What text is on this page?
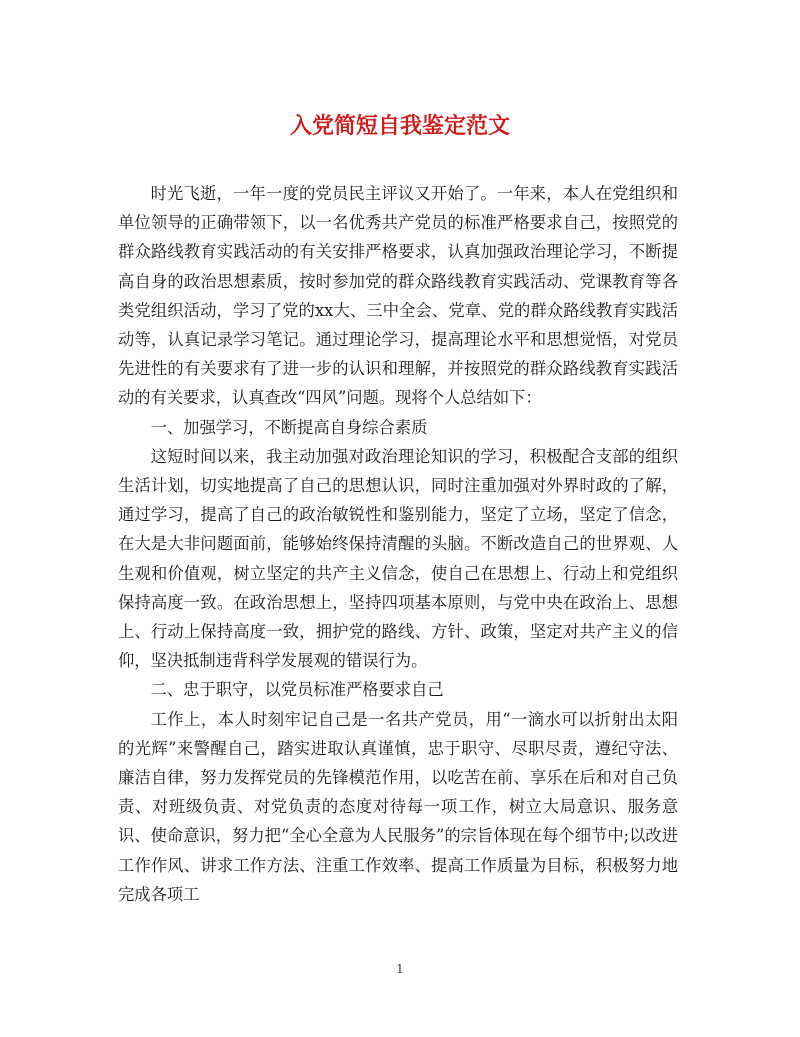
入党简短自我鉴定范文

时光飞逝，一年一度的党员民主评议又开始了。一年来，本人在党组织和单位领导的正确带领下，以一名优秀共产党员的标准严格要求自己，按照党的群众路线教育实践活动的有关安排严格要求，认真加强政治理论学习，不断提高自身的政治思想素质，按时参加党的群众路线教育实践活动、党课教育等各类党组织活动，学习了党的xx大、三中全会、党章、党的群众路线教育实践活动等，认真记录学习笔记。通过理论学习，提高理论水平和思想觉悟，对党员先进性的有关要求有了进一步的认识和理解，并按照党的群众路线教育实践活动的有关要求，认真查改“四风”问题。现将个人总结如下：

一、加强学习，不断提高自身综合素质

这短时间以来，我主动加强对政治理论知识的学习，积极配合支部的组织生活计划，切实地提高了自己的思想认识，同时注重加强对外界时政的了解，通过学习，提高了自己的政治敏锐性和鉴别能力，坚定了立场，坚定了信念，在大是大非问题面前，能够始终保持清醒的头脑。不断改造自己的世界观、人生观和价值观，树立坚定的共产主义信念，使自己在思想上、行动上和党组织保持高度一致。在政治思想上，坚持四项基本原则，与党中央在政治上、思想上、行动上保持高度一致，拥护党的路线、方针、政策，坚定对共产主义的信仰，坚决抵制违背科学发展观的错误行为。

二、忠于职守，以党员标准严格要求自己

工作上，本人时刻牢记自己是一名共产党员，用“一滴水可以折射出太阳的光辉”来警醒自己，踏实进取认真谨慎，忠于职守、尽职尽责，遵纪守法、廉洁自律，努力发挥党员的先锋模范作用，以吃苦在前、享乐在后和对自己负责、对班级负责、对党负责的态度对待每一项工作，树立大局意识、服务意识、使命意识，努力把“全心全意为人民服务”的宗旨体现在每个细节中;以改进工作作风、讲求工作方法、注重工作效率、提高工作质量为目标，积极努力地完成各项工

1
